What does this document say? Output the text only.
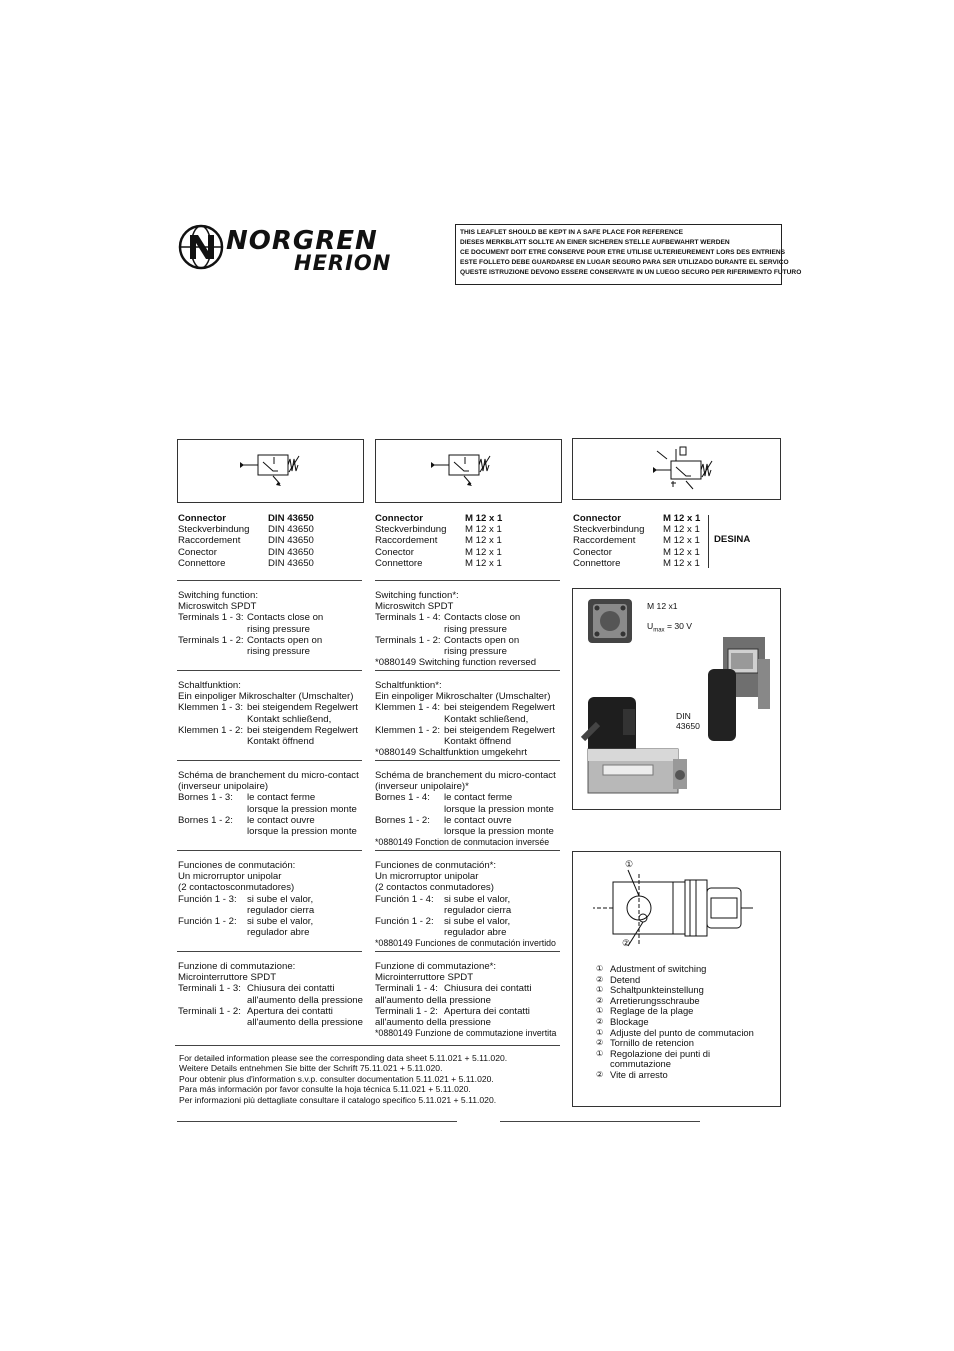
NORGREN
HERION
THIS LEAFLET SHOULD BE KEPT IN A SAFE PLACE FOR REFERENCE
DIESES MERKBLATT SOLLTE AN EINER SICHEREN STELLE AUFBEWAHRT WERDEN
CE DOCUMENT DOIT ETRE CONSERVE POUR ETRE UTILISE ULTERIEUREMENT LORS DES ENTRIENS
ESTE FOLLETO DEBE GUARDARSE EN LUGAR SEGURO PARA SER UTILIZADO DURANTE EL SERVICO
QUESTE ISTRUZIONE DEVONO ESSERE CONSERVATE IN UN LUEGO SECURO PER RIFERIMENTO FUTURO
Connector	DIN 43650
Steckverbindung	DIN 43650
Raccordement	DIN 43650
Conector	DIN 43650
Connettore	DIN 43650
Connector	M 12 x 1
Steckverbindung	M 12 x 1
Raccordement	M 12 x 1
Conector	M 12 x 1
Connettore	M 12 x 1
Connector	M 12 x 1
Steckverbindung	M 12 x 1
Raccordement	M 12 x 1
Conector	M 12 x 1
Connettore	M 12 x 1
DESINA
Switching function:
Microswitch SPDT
Terminals 1 - 3: Contacts close on
rising pressure
Terminals 1 - 2: Contacts open on
rising pressure
Schaltfunktion:
Ein einpoliger Mikroschalter (Umschalter)
Klemmen 1 - 3: bei steigendem Regelwert
Kontakt schließend,
Klemmen 1 - 2: bei steigendem Regelwert
Kontakt öffnend
Schéma de branchement du micro-contact
(inverseur unipolaire)
Bornes 1 - 3:	le contact ferme
lorsque la pression monte
Bornes 1 - 2:	le contact ouvre
lorsque la pression monte
Funciones de conmutación:
Un microrruptor unipolar
(2 contactosconmutadores)
Función 1 - 3:	si sube el valor,
regulador cierra
Función 1 - 2:	si sube el valor,
regulador abre
Funzione di commutazione:
Microinterruttore SPDT
Terminali 1 - 3: Chiusura dei contatti
all'aumento della pressione
Terminali 1 - 2: Apertura dei contatti
all'aumento della pressione
Switching function*:
Microswitch SPDT
Terminals 1 - 4: Contacts close on
rising pressure
Terminals 1 - 2: Contacts open on
rising pressure
*0880149 Switching function reversed
Schaltfunktion*:
Ein einpoliger Mikroschalter (Umschalter)
Klemmen 1 - 4: bei steigendem Regelwert
Kontakt schließend,
Klemmen 1 - 2: bei steigendem Regelwert
Kontakt öffnend
*0880149 Schaltfunktion umgekehrt
Schéma de branchement du micro-contact
(inverseur unipolaire)*
Bornes 1 - 4:	le contact ferme
lorsque la pression monte
Bornes 1 - 2:	le contact ouvre
lorsque la pression monte
*0880149 Fonction de conmutacion inversée
Funciones de conmutación*:
Un microrruptor unipolar
(2 contactos conmutadores)
Función 1 - 4:	si sube el valor,
regulador cierra
Función 1 - 2:	si sube el valor,
regulador abre
*0880149 Funciones de conmutación invertido
Funzione di commutazione*:
Microinterruttore SPDT
Terminali 1 - 4: Chiusura dei contatti
all'aumento della pressione
Terminali 1 - 2: Apertura dei contatti
all'aumento della pressione
*0880149 Funzione de commutazione invertita
M 12 x1
$U_{max} = 30$ V
DIN
43650
①
②
① Adustment of switching
② Detend
① Schaltpunkteinstellung
② Arretierungsschraube
① Reglage de la plage
② Blockage
① Adjuste del punto de commutacion
② Tornillo de retencion
① Regolazione dei punti di
commutazione
② Vite di arresto
For detailed information please see the corresponding data sheet 5.11.021 + 5.11.020.
Weitere Details entnehmen Sie bitte der Schrift 75.11.021 + 5.11.020.
Pour obtenir plus d'information s.v.p. consulter documentation 5.11.021 + 5.11.020.
Para más información por favor consulte la hoja técnica 5.11.021 + 5.11.020.
Per informazioni più dettagliate consultare il catalogo specifico 5.11.021 + 5.11.020.
